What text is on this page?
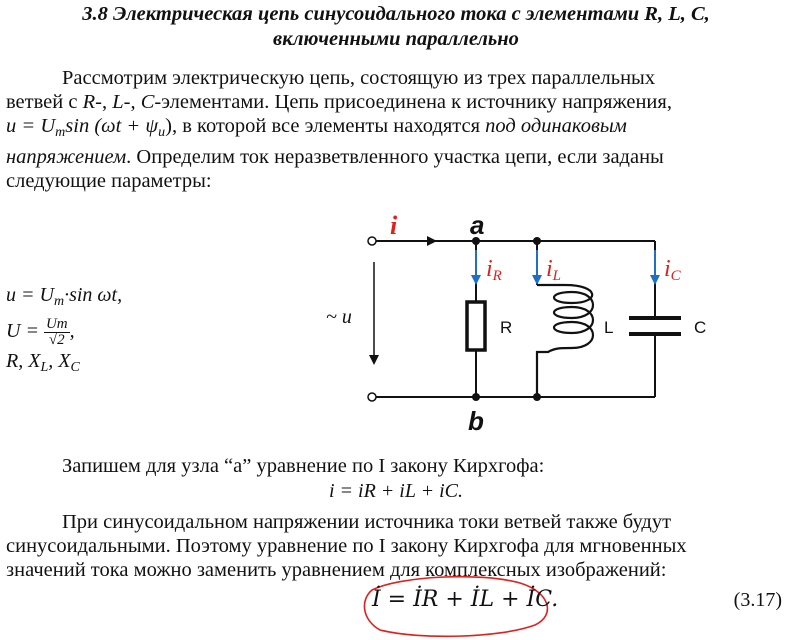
3.8 Электрическая цепь синусоидального тока с элементами R, L, C,
включенными параллельно
Рассмотрим электрическую цепь, состоящую из трех параллельных
ветвей с R-, L-, C-элементами. Цепь присоединена к источнику напряжения,
$u = U_m\sin$ $(\omega t + \psi_u)$, в которой все элементы находятся под одинаковым
напряжением. Определим ток неразветвленного участка цепи, если заданы
следующие параметры:
$u = U_m\cdot\sin$ ωt,
$U = \frac{Um}{√2}$ ,
R, $X_L$, $X_C$
i	a
b
iR iL	iC
~ u	R	L	C
Запишем для узла “a” уравнение по I закону Кирхгофа:
i = iR + iL + iC.
При синусоидальном напряжении источника токи ветвей также будут
синусоидальными. Поэтому уравнение по I закону Кирхгофа для мгновенных
значений тока можно заменить уравнением для комплексных изображений:
İ = İR + İL + İC.	(3.17)
